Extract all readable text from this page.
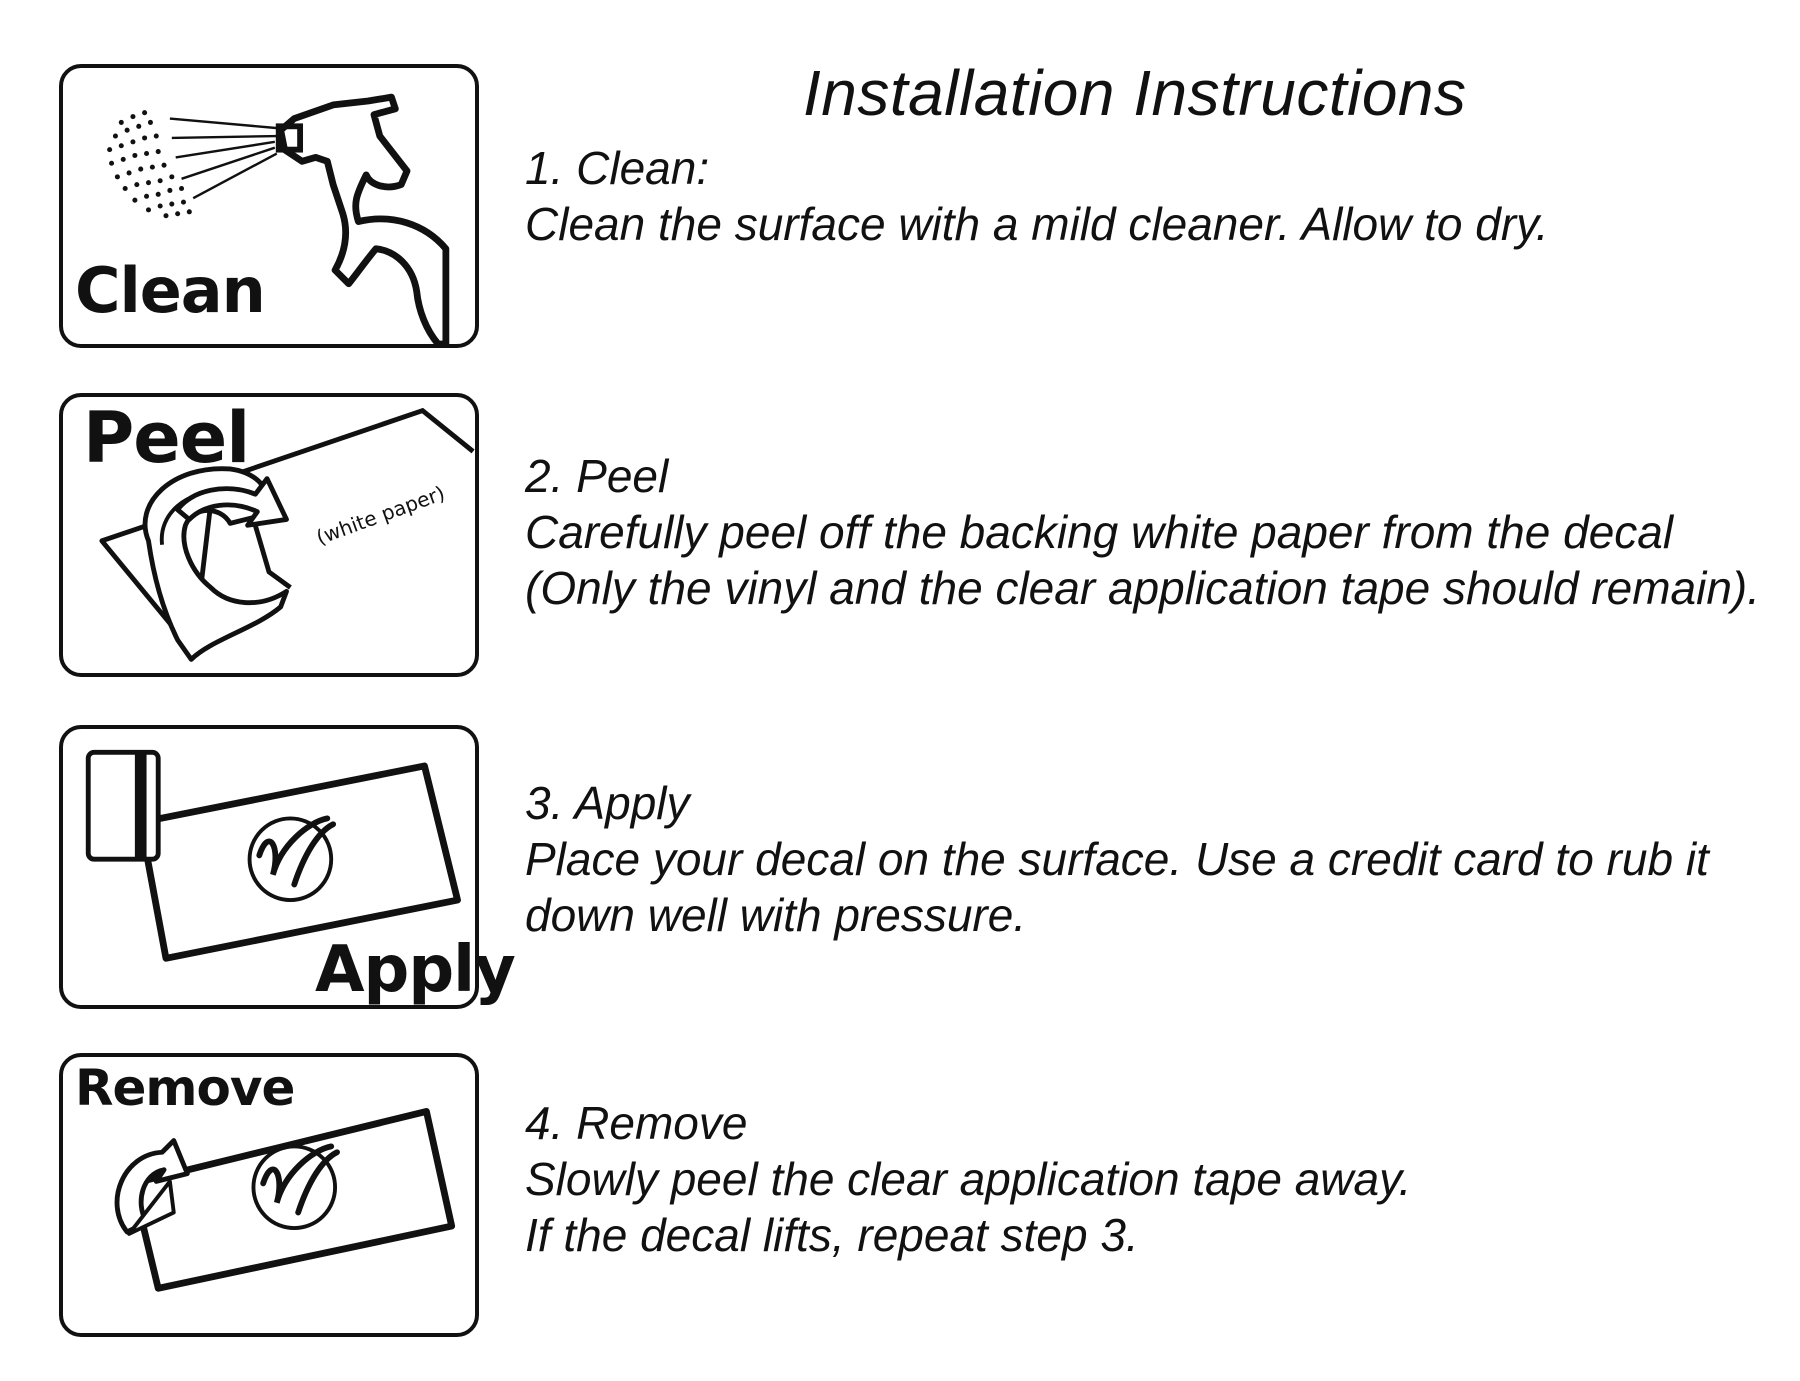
Installation Instructions
Clean
Peel
(white paper)
Apply
Remove
1. Clean:
Clean the surface with a mild cleaner. Allow to dry.
2. Peel
Carefully peel off the backing white paper from the decal
(Only the vinyl and the clear application tape should remain).
3. Apply
Place your decal on the surface. Use a credit card to rub it
down well with pressure.
4. Remove
Slowly peel the clear application tape away.
If the decal lifts, repeat step 3.
